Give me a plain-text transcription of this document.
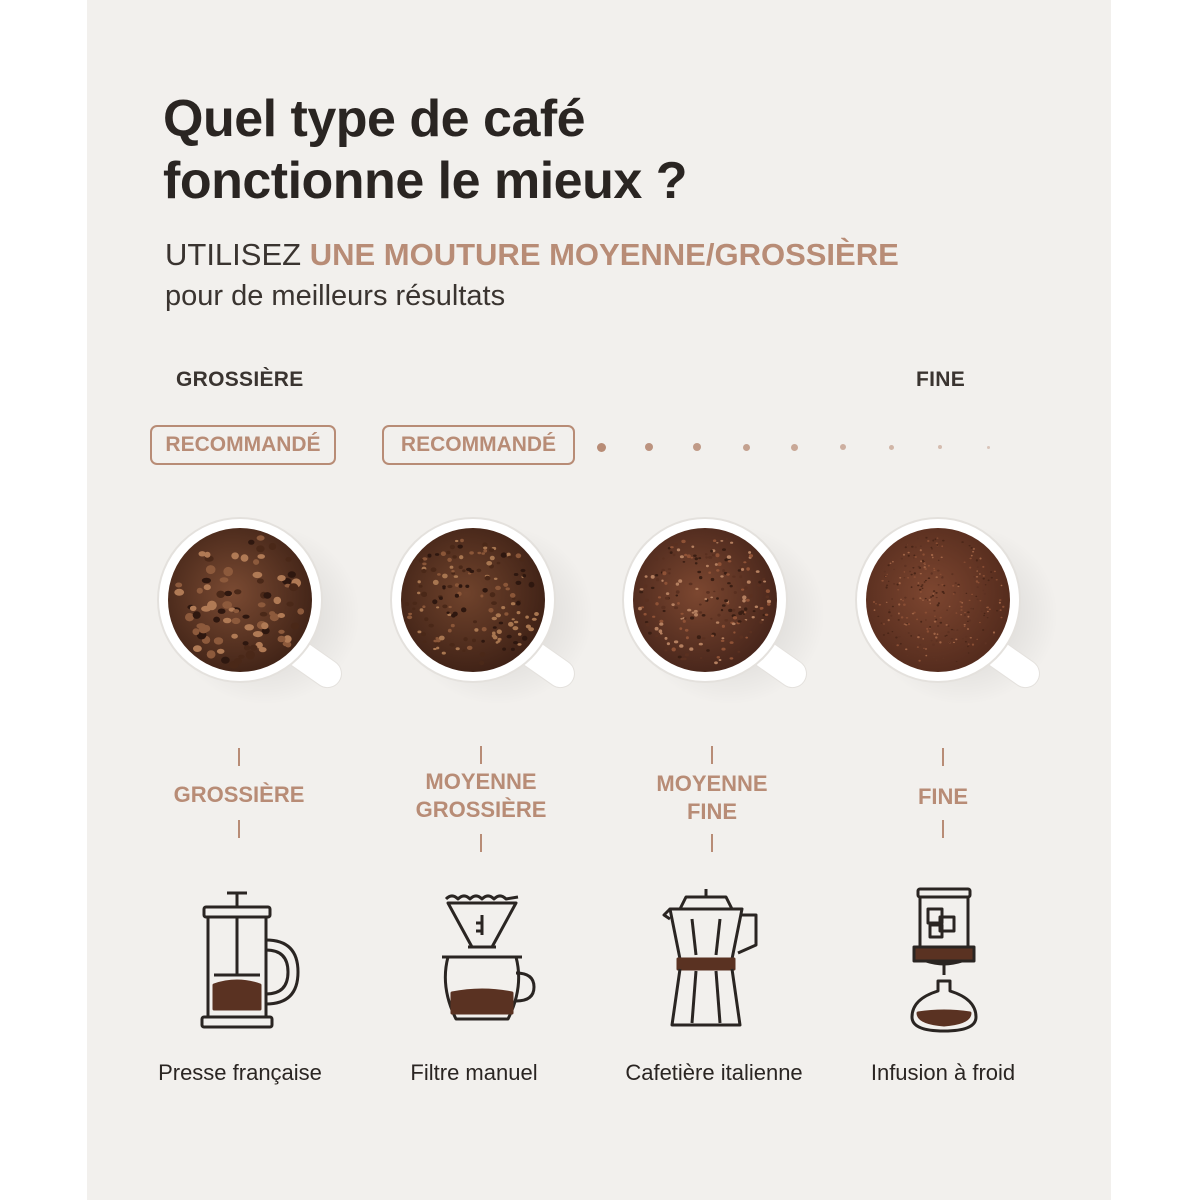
Quel type de café
fonctionne le mieux ?
UTILISEZ UNE MOUTURE MOYENNE/GROSSIÈRE
pour de meilleurs résultats
GROSSIÈRE	FINE
RECOMMANDÉ	RECOMMANDÉ
GROSSIÈRE
MOYENNE
GROSSIÈRE
MOYENNE
FINE
FINE
Presse française	Filtre manuel	Cafetière italienne	Infusion à froid
